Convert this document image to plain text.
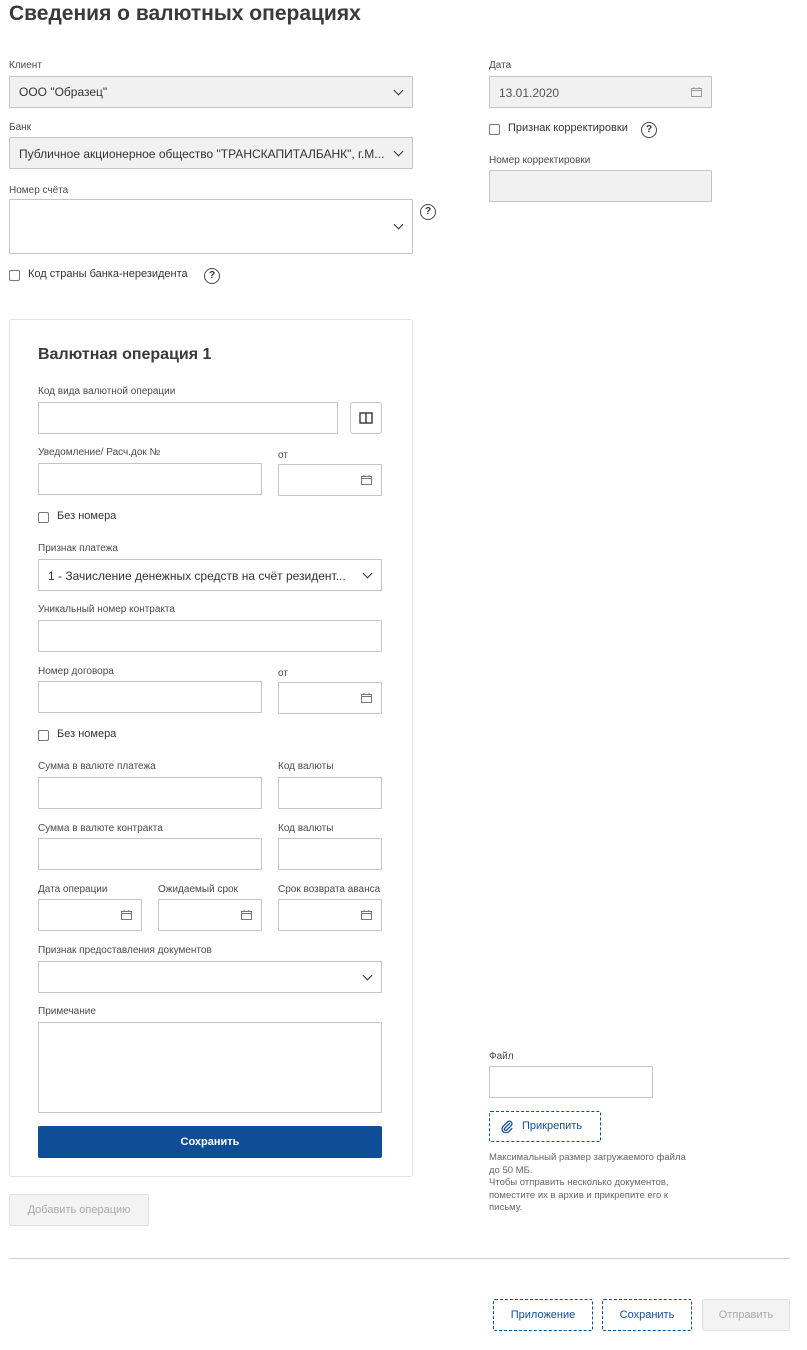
Сведения о валютных операциях
Клиент
ООО "Образец"
Банк
Публичное акционерное общество "ТРАНСКАПИТАЛБАНК", г.М...
Номер счёта
?
Код страны банка-нерезидента	?
Дата
13.01.2020
Признак корректировки	?
Номер корректировки
Валютная операция 1
Код вида валютной операции
Уведомление/ Расч.док №	от
Без номера
Признак платежа
1 - Зачисление денежных средств на счёт резидент...
Уникальный номер контракта
Номер договора	от
Без номера
Сумма в валюте платежа	Код валюты
Сумма в валюте контракта	Код валюты
Дата операции	Ожидаемый срок	Срок возврата аванса
Признак предоставления документов
Примечание
Сохранить
Добавить операцию
Файл
Прикрепить
Максимальный размер загружаемого файла
до 50 МБ.
Чтобы отправить несколько документов,
поместите их в архив и прикрепите его к
письму.
Приложение	Сохранить	Отправить
